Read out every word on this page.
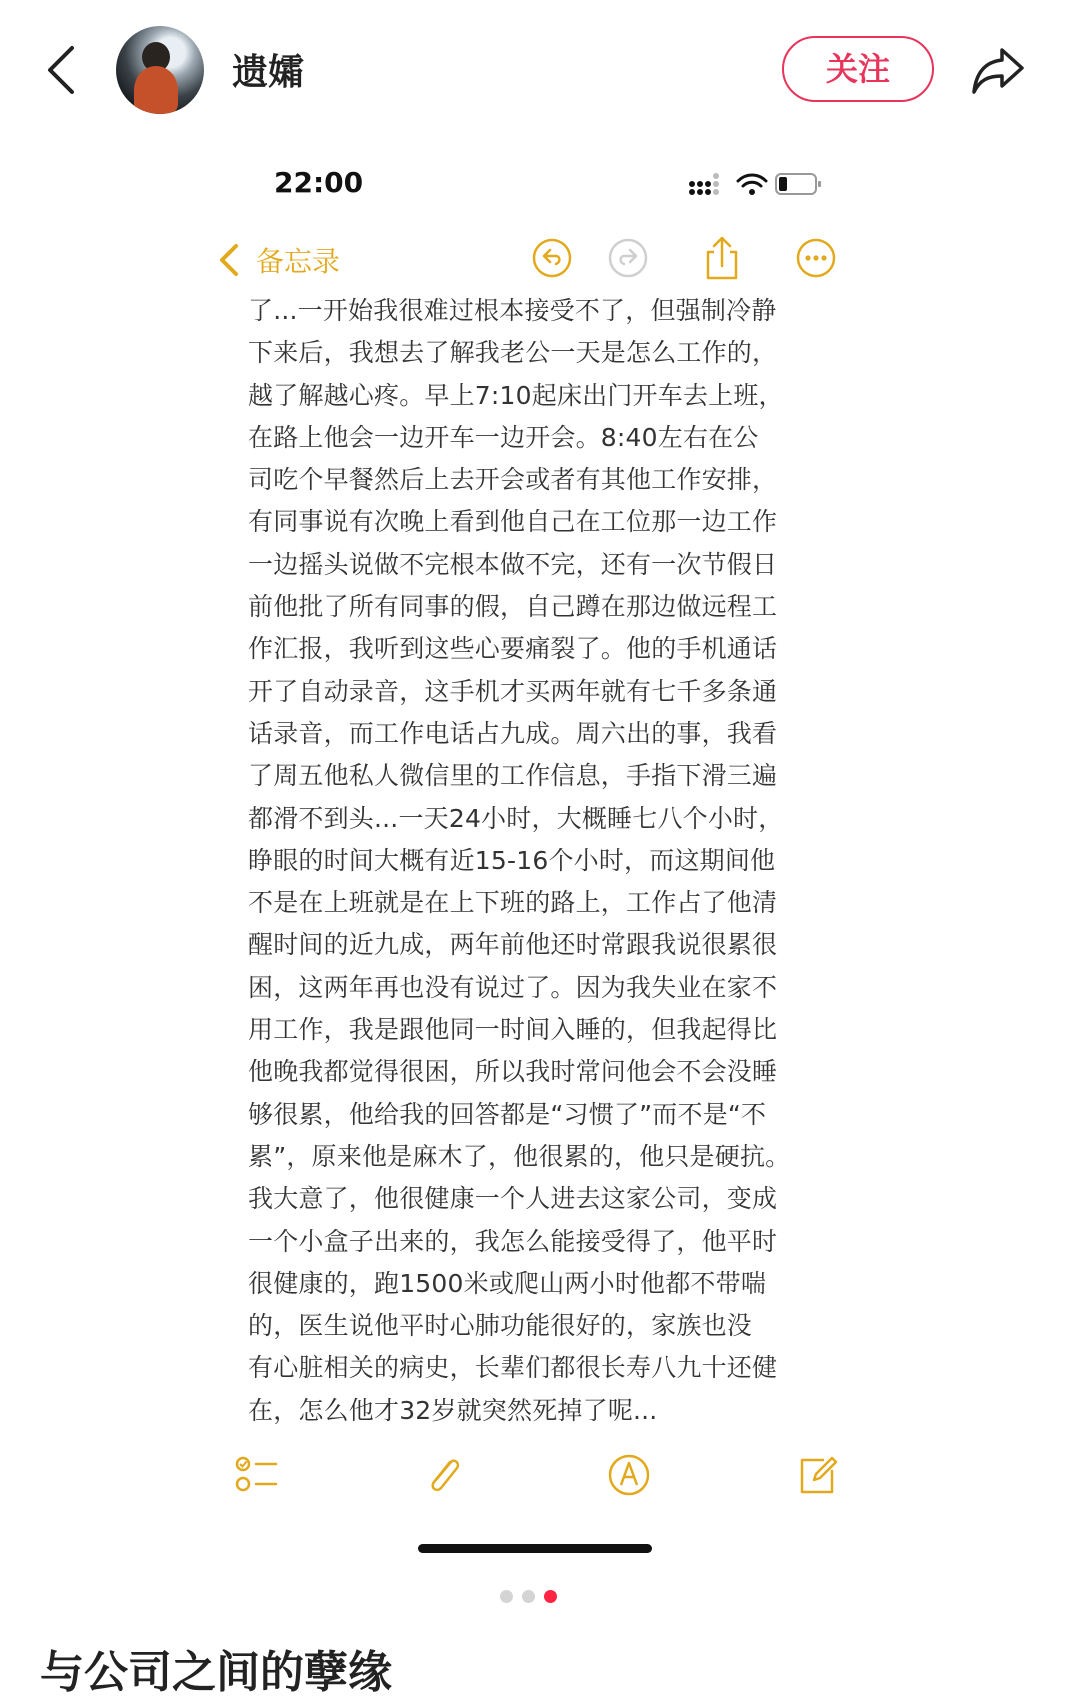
遗孀	关注
22:00
备忘录
了...一开始我很难过根本接受不了，但强制冷静
下来后，我想去了解我老公一天是怎么工作的，
越了解越心疼。早上7:10起床出门开车去上班，
在路上他会一边开车一边开会。8:40左右在公
司吃个早餐然后上去开会或者有其他工作安排，
有同事说有次晚上看到他自己在工位那一边工作
一边摇头说做不完根本做不完，还有一次节假日
前他批了所有同事的假，自己蹲在那边做远程工
作汇报，我听到这些心要痛裂了。他的手机通话
开了自动录音，这手机才买两年就有七千多条通
话录音，而工作电话占九成。周六出的事，我看
了周五他私人微信里的工作信息，手指下滑三遍
都滑不到头...一天24小时，大概睡七八个小时，
睁眼的时间大概有近15-16个小时，而这期间他
不是在上班就是在上下班的路上，工作占了他清
醒时间的近九成，两年前他还时常跟我说很累很
困，这两年再也没有说过了。因为我失业在家不
用工作，我是跟他同一时间入睡的，但我起得比
他晚我都觉得很困，所以我时常问他会不会没睡
够很累，他给我的回答都是“习惯了”而不是“不
累”，原来他是麻木了，他很累的，他只是硬抗。
我大意了，他很健康一个人进去这家公司，变成
一个小盒子出来的，我怎么能接受得了，他平时
很健康的，跑1500米或爬山两小时他都不带喘
的，医生说他平时心肺功能很好的，家族也没
有心脏相关的病史，长辈们都很长寿八九十还健
在，怎么他才32岁就突然死掉了呢...
与公司之间的孽缘
